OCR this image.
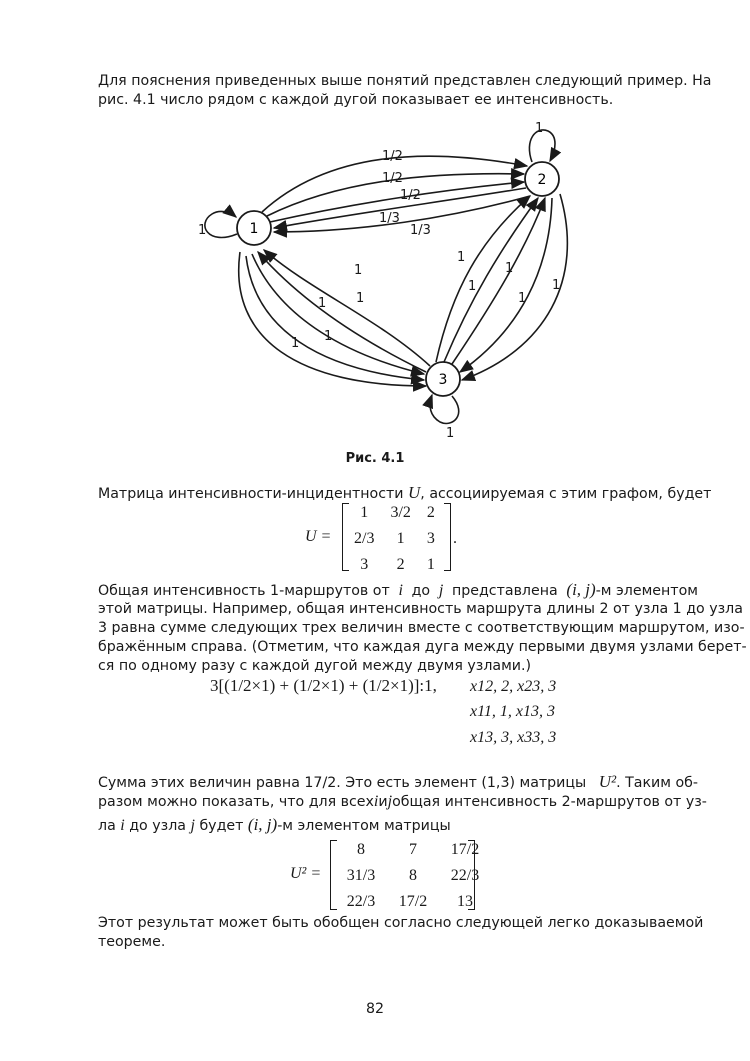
Для пояснения приведенных выше понятий представлен следующий пример. На
рис. 4.1 число рядом с каждой дугой показывает ее интенсивность.
1
2
3
1
1
1
1/2
1/2
1/2
1/3
1/3
1
1
1
1
1
1
1
1
1
1
Рис. 4.1
Матрица интенсивности-инцидентности U, ассоциируемая с этим графом, будет
U =
1	3/2	2
2/3	1	3
3	2	1
.
Общая интенсивность 1-маршрутов от i до j представлена (i, j)-м элементом
этой матрицы. Например, общая интенсивность маршрута длины 2 от узла 1 до узла
3 равна сумме следующих трех величин вместе с соответствующим маршрутом, изо-
бражённым справа. (Отметим, что каждая дуга между первыми двумя узлами берет-
ся по одному разу с каждой дугой между двумя узлами.)
3[(1/2×1) + (1/2×1) + (1/2×1)]:1, x12, 2, x23, 3
x11, 1, x13, 3
x13, 3, x33, 3
Сумма этих величин равна 17/2. Это есть элемент (1,3) матрицы U². Таким об-
разом можно показать, что для всех i и j общая интенсивность 2-маршрутов от уз-
ла i до узла j будет (i, j)-м элементом матрицы
U² =
8	7	17/2
31/3	8	22/3
22/3	17/2	13
Этот результат может быть обобщен согласно следующей легко доказываемой
теореме.
82
